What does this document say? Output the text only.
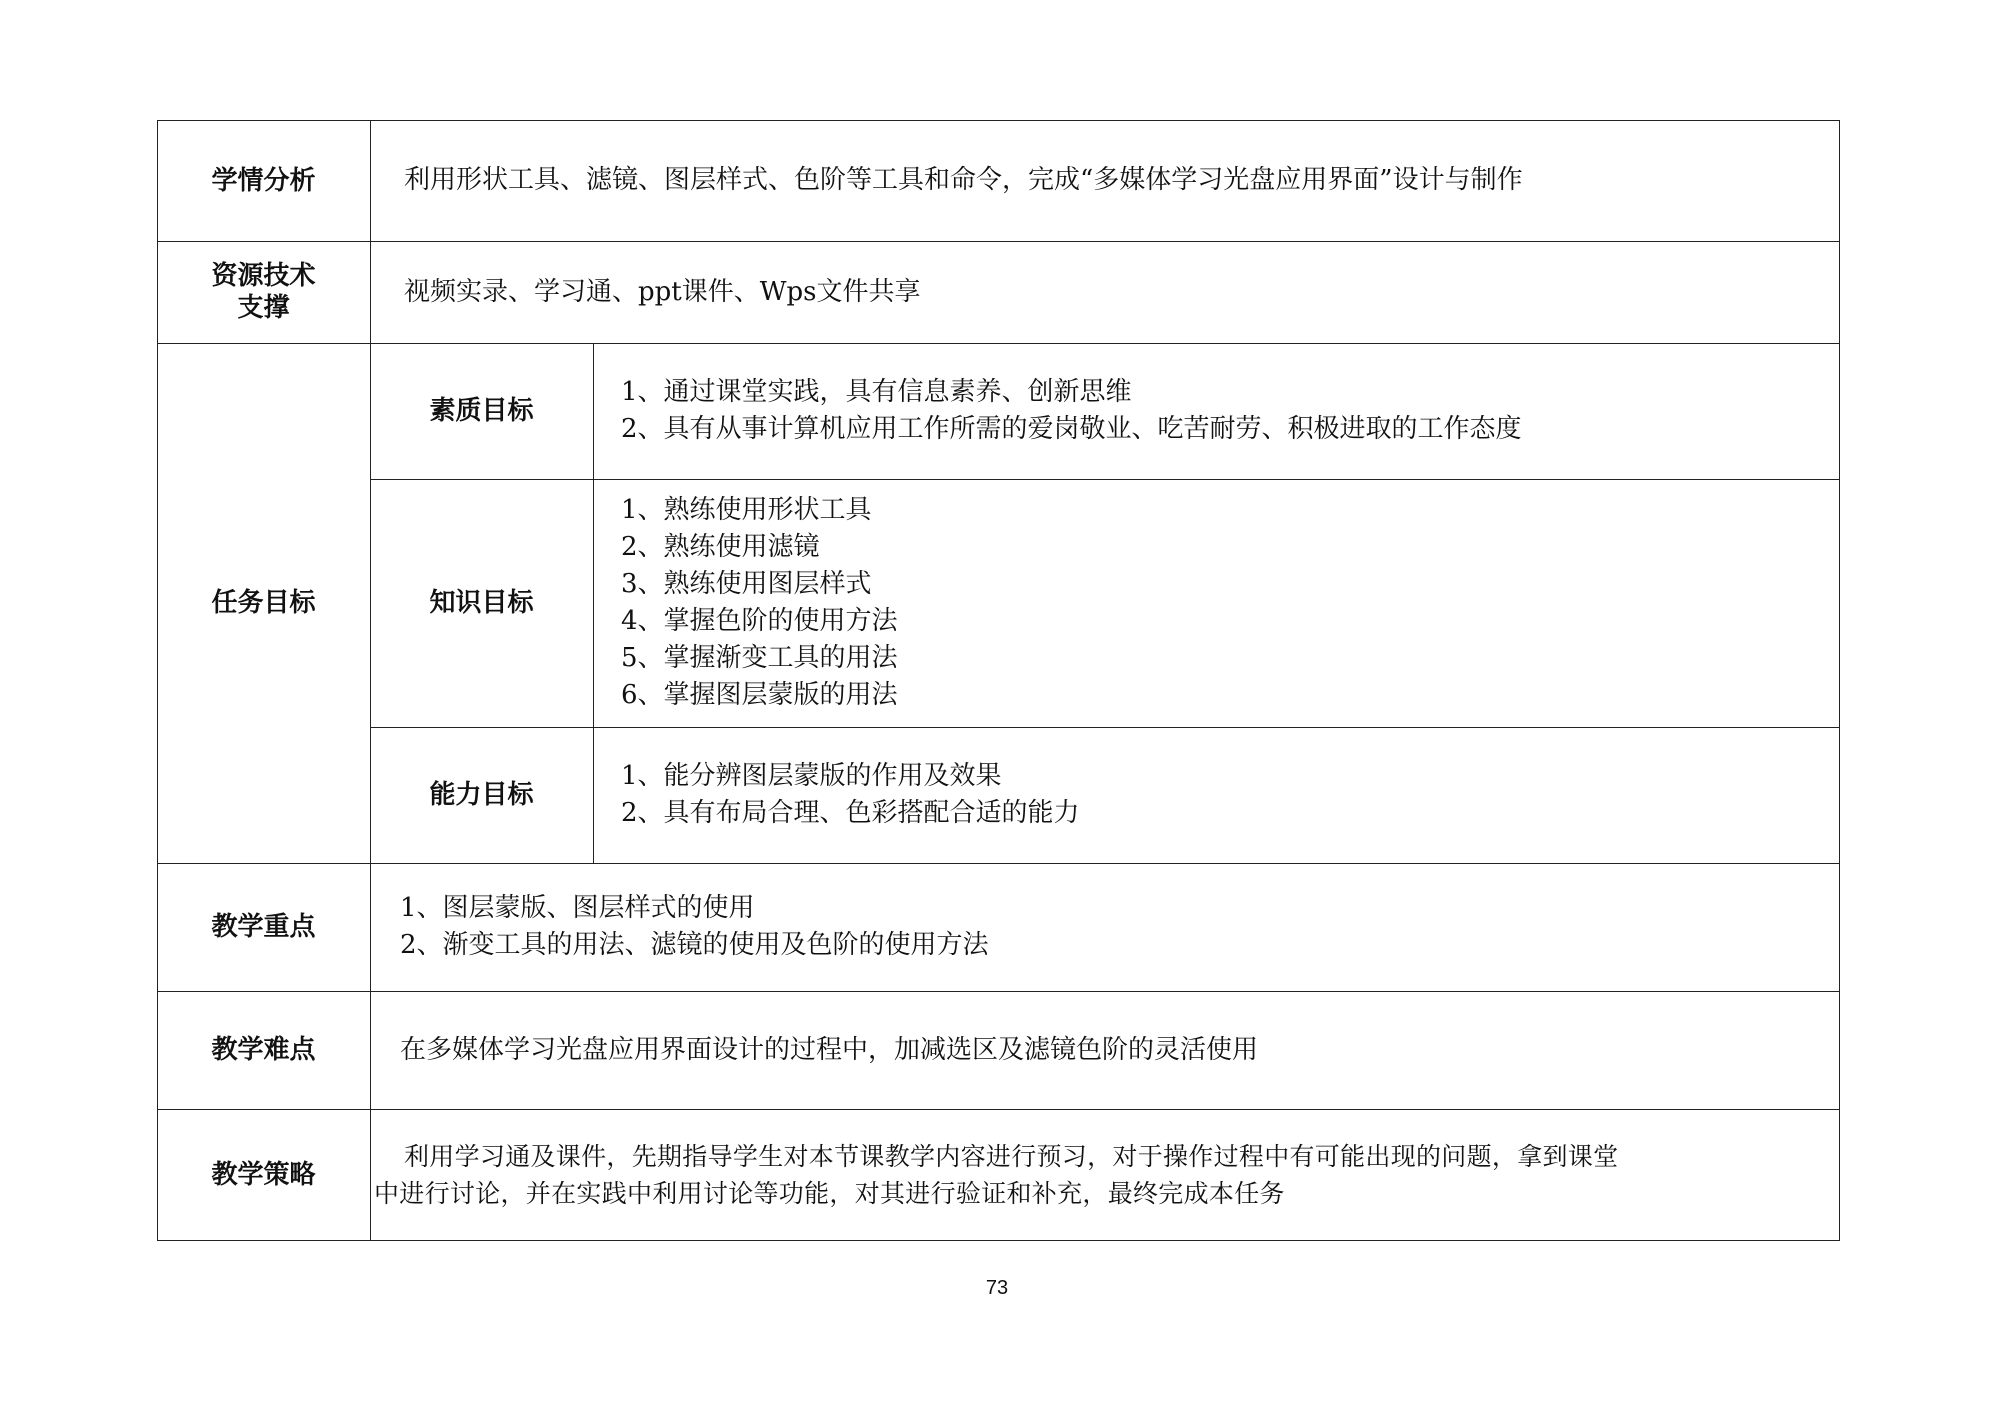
学情分析	利用形状工具、滤镜、图层样式、色阶等工具和命令，完成“多媒体学习光盘应用界面”设计与制作
资源技术
支撑
视频实录、学习通、ppt课件、Wps文件共享
任务目标
素质目标
1、通过课堂实践，具有信息素养、创新思维
2、具有从事计算机应用工作所需的爱岗敬业、吃苦耐劳、积极进取的工作态度
知识目标
1、熟练使用形状工具
2、熟练使用滤镜
3、熟练使用图层样式
4、掌握色阶的使用方法
5、掌握渐变工具的用法
6、掌握图层蒙版的用法
能力目标
1、能分辨图层蒙版的作用及效果
2、具有布局合理、色彩搭配合适的能力
教学重点
1、图层蒙版、图层样式的使用
2、渐变工具的用法、滤镜的使用及色阶的使用方法
教学难点	在多媒体学习光盘应用界面设计的过程中，加减选区及滤镜色阶的灵活使用
教学策略
利用学习通及课件，先期指导学生对本节课教学内容进行预习，对于操作过程中有可能出现的问题，拿到课堂
中进行讨论，并在实践中利用讨论等功能，对其进行验证和补充，最终完成本任务
73
